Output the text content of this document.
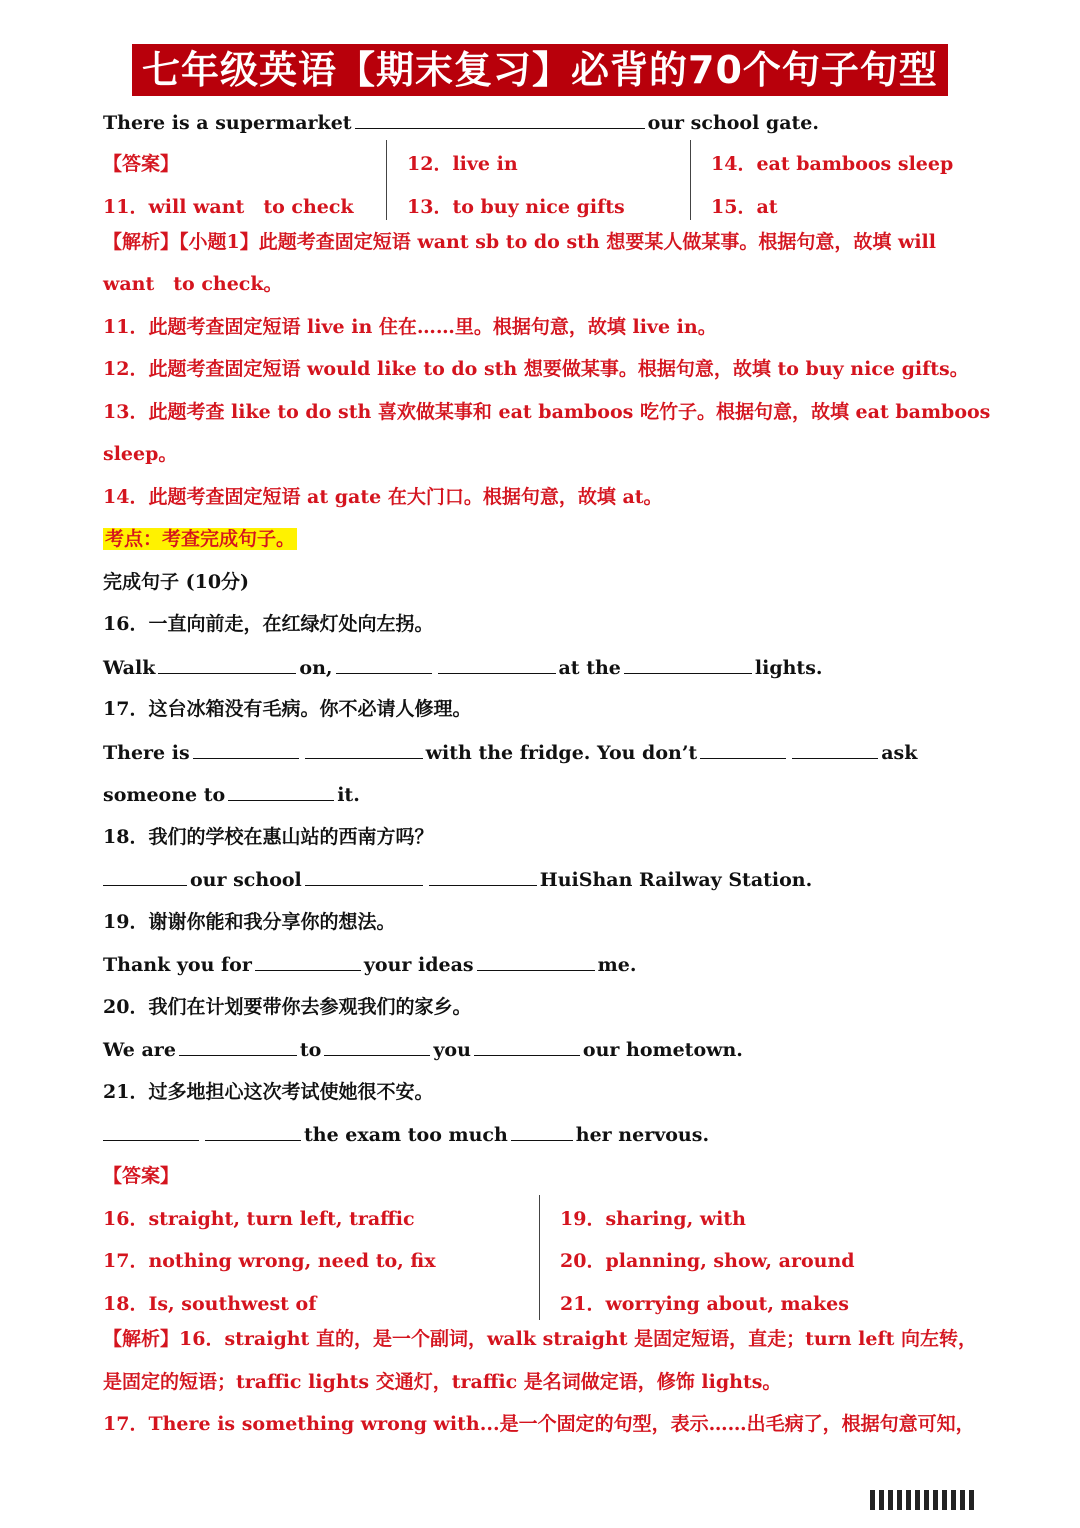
七年级英语【期末复习】必背的70个句子句型
There is a supermarket	our school gate.
【答案】
11．will want　to check
12．live in
13．to buy nice gifts
14．eat bamboos sleep
15．at
【解析】【小题1】此题考查固定短语 want sb to do sth 想要某人做某事。根据句意，故填 will
want　to check。
11．此题考查固定短语 live in 住在……里。根据句意，故填 live in。
12．此题考查固定短语 would like to do sth 想要做某事。根据句意，故填 to buy nice gifts。
13．此题考查 like to do sth 喜欢做某事和 eat bamboos 吃竹子。根据句意，故填 eat bamboos
sleep。
14．此题考查固定短语 at gate 在大门口。根据句意，故填 at。
考点：考查完成句子。
完成句子 (10分)
16．一直向前走，在红绿灯处向左拐。
Walk	on,	at the	lights.
17．这台冰箱没有毛病。你不必请人修理。
There is	with the fridge. You don’t	ask
someone to	it.
18．我们的学校在惠山站的西南方吗？
our school	HuiShan Railway Station.
19．谢谢你能和我分享你的想法。
Thank you for	your ideas	me.
20．我们在计划要带你去参观我们的家乡。
We are	to	you	our hometown.
21．过多地担心这次考试使她很不安。
the exam too much	her nervous.
【答案】
16．straight, turn left, traffic
17．nothing wrong, need to, fix
18．Is, southwest of
19．sharing, with
20．planning, show, around
21．worrying about, makes
【解析】16．straight 直的，是一个副词，walk straight 是固定短语，直走；turn left 向左转，
是固定的短语；traffic lights 交通灯，traffic 是名词做定语，修饰 lights。
17．There is something wrong with...是一个固定的句型，表示……出毛病了，根据句意可知，
